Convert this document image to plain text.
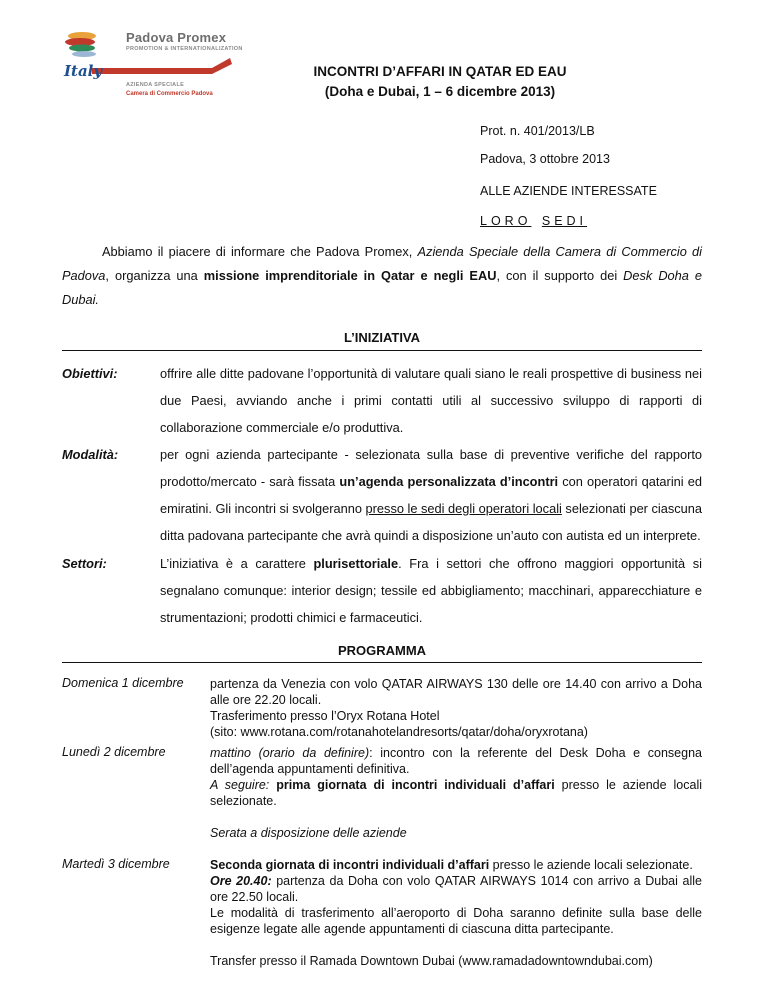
Padova Promex
PROMOTION & INTERNATIONALIZATION
Italy
AZIENDA SPECIALE
Camera di Commercio Padova
INCONTRI D’AFFARI IN QATAR ED EAU
(Doha e Dubai, 1 – 6 dicembre 2013)
Prot. n. 401/2013/LB
Padova, 3 ottobre 2013
ALLE AZIENDE INTERESSATE
LORO SEDI
Abbiamo il piacere di informare che Padova Promex, Azienda Speciale della Camera di Commercio di Padova, organizza una missione imprenditoriale in Qatar e negli EAU, con il supporto dei Desk Doha e Dubai.
L’INIZIATIVA
Obiettivi:	offrire alle ditte padovane l’opportunità di valutare quali siano le reali prospettive di business nei due Paesi, avviando anche i primi contatti utili al successivo sviluppo di rapporti di collaborazione commerciale e/o produttiva.
Modalità:	per ogni azienda partecipante - selezionata sulla base di preventive verifiche del rapporto prodotto/mercato - sarà fissata un’agenda personalizzata d’incontri con operatori qatarini ed emiratini. Gli incontri si svolgeranno presso le sedi degli operatori locali selezionati per ciascuna ditta padovana partecipante che avrà quindi a disposizione un’auto con autista ed un interprete.
Settori:	L’iniziativa è a carattere plurisettoriale. Fra i settori che offrono maggiori opportunità si segnalano comunque: interior design; tessile ed abbigliamento; macchinari, apparecchiature e strumentazioni; prodotti chimici e farmaceutici.
PROGRAMMA
Domenica 1 dicembre partenza da Venezia con volo QATAR AIRWAYS 130 delle ore 14.40 con arrivo a Doha alle ore 22.20 locali.
Trasferimento presso l’Oryx Rotana Hotel
(sito: www.rotana.com/rotanahotelandresorts/qatar/doha/oryxrotana)
Lunedì 2 dicembre	mattino (orario da definire): incontro con la referente del Desk Doha e consegna dell’agenda appuntamenti definitiva.
A seguire: prima giornata di incontri individuali d’affari presso le aziende locali selezionate.
Serata a disposizione delle aziende
Martedì 3 dicembre	Seconda giornata di incontri individuali d’affari presso le aziende locali selezionate.
Ore 20.40: partenza da Doha con volo QATAR AIRWAYS 1014 con arrivo a Dubai alle ore 22.50 locali.
Le modalità di trasferimento all’aeroporto di Doha saranno definite sulla base delle esigenze legate alle agende appuntamenti di ciascuna ditta partecipante.
Transfer presso il Ramada Downtown Dubai (www.ramadadowntowndubai.com)
